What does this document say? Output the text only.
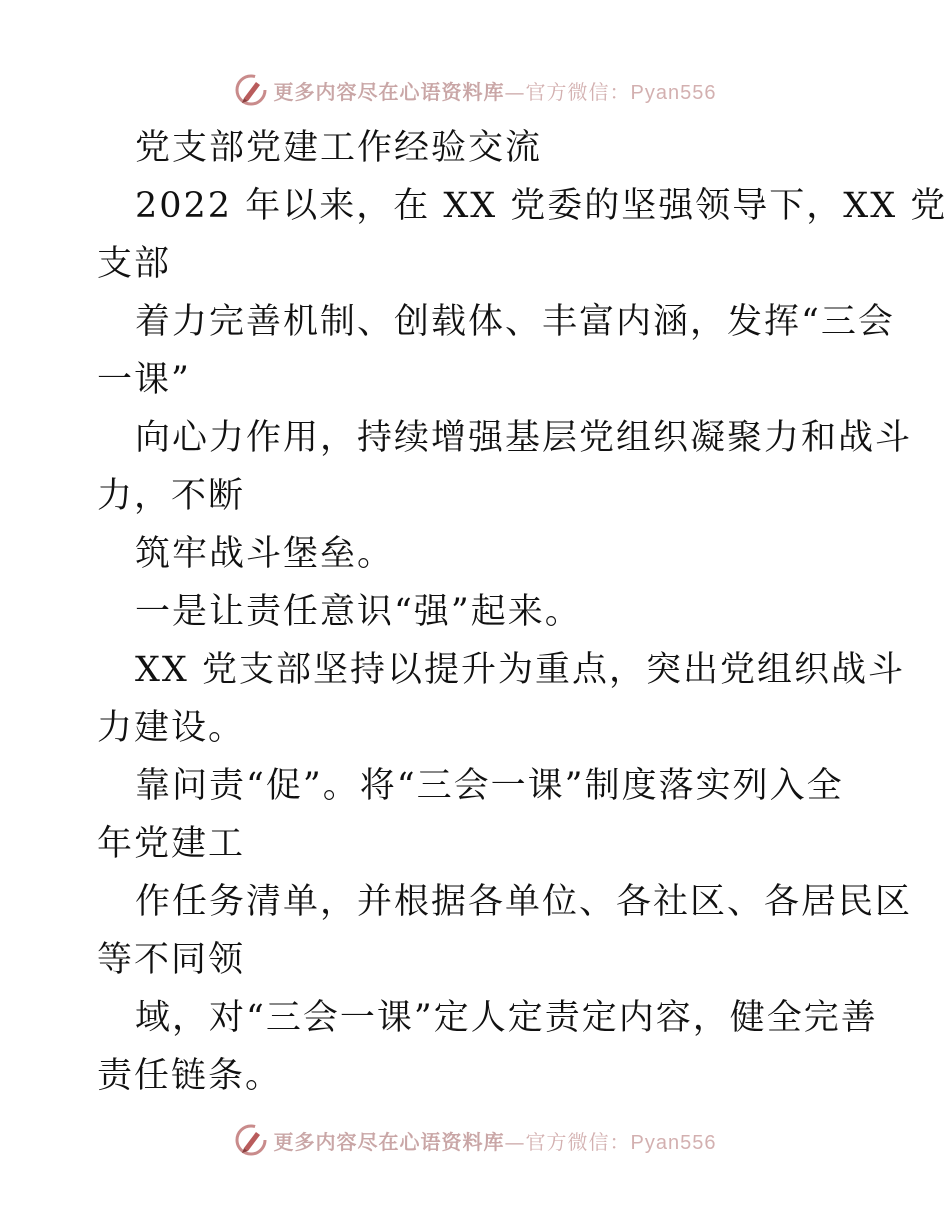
更多内容尽在心语资料库—官方微信：Pyan556
党支部党建工作经验交流
2022 年以来，在 XX 党委的坚强领导下，XX 党
支部
着力完善机制、创载体、丰富内涵，发挥“三会
一课”
向心力作用，持续增强基层党组织凝聚力和战斗
力，不断
筑牢战斗堡垒。
一是让责任意识“强”起来。
XX 党支部坚持以提升为重点，突出党组织战斗
力建设。
靠问责“促”。将“三会一课”制度落实列入全
年党建工
作任务清单，并根据各单位、各社区、各居民区
等不同领
域，对“三会一课”定人定责定内容，健全完善
责任链条。
更多内容尽在心语资料库—官方微信：Pyan556
